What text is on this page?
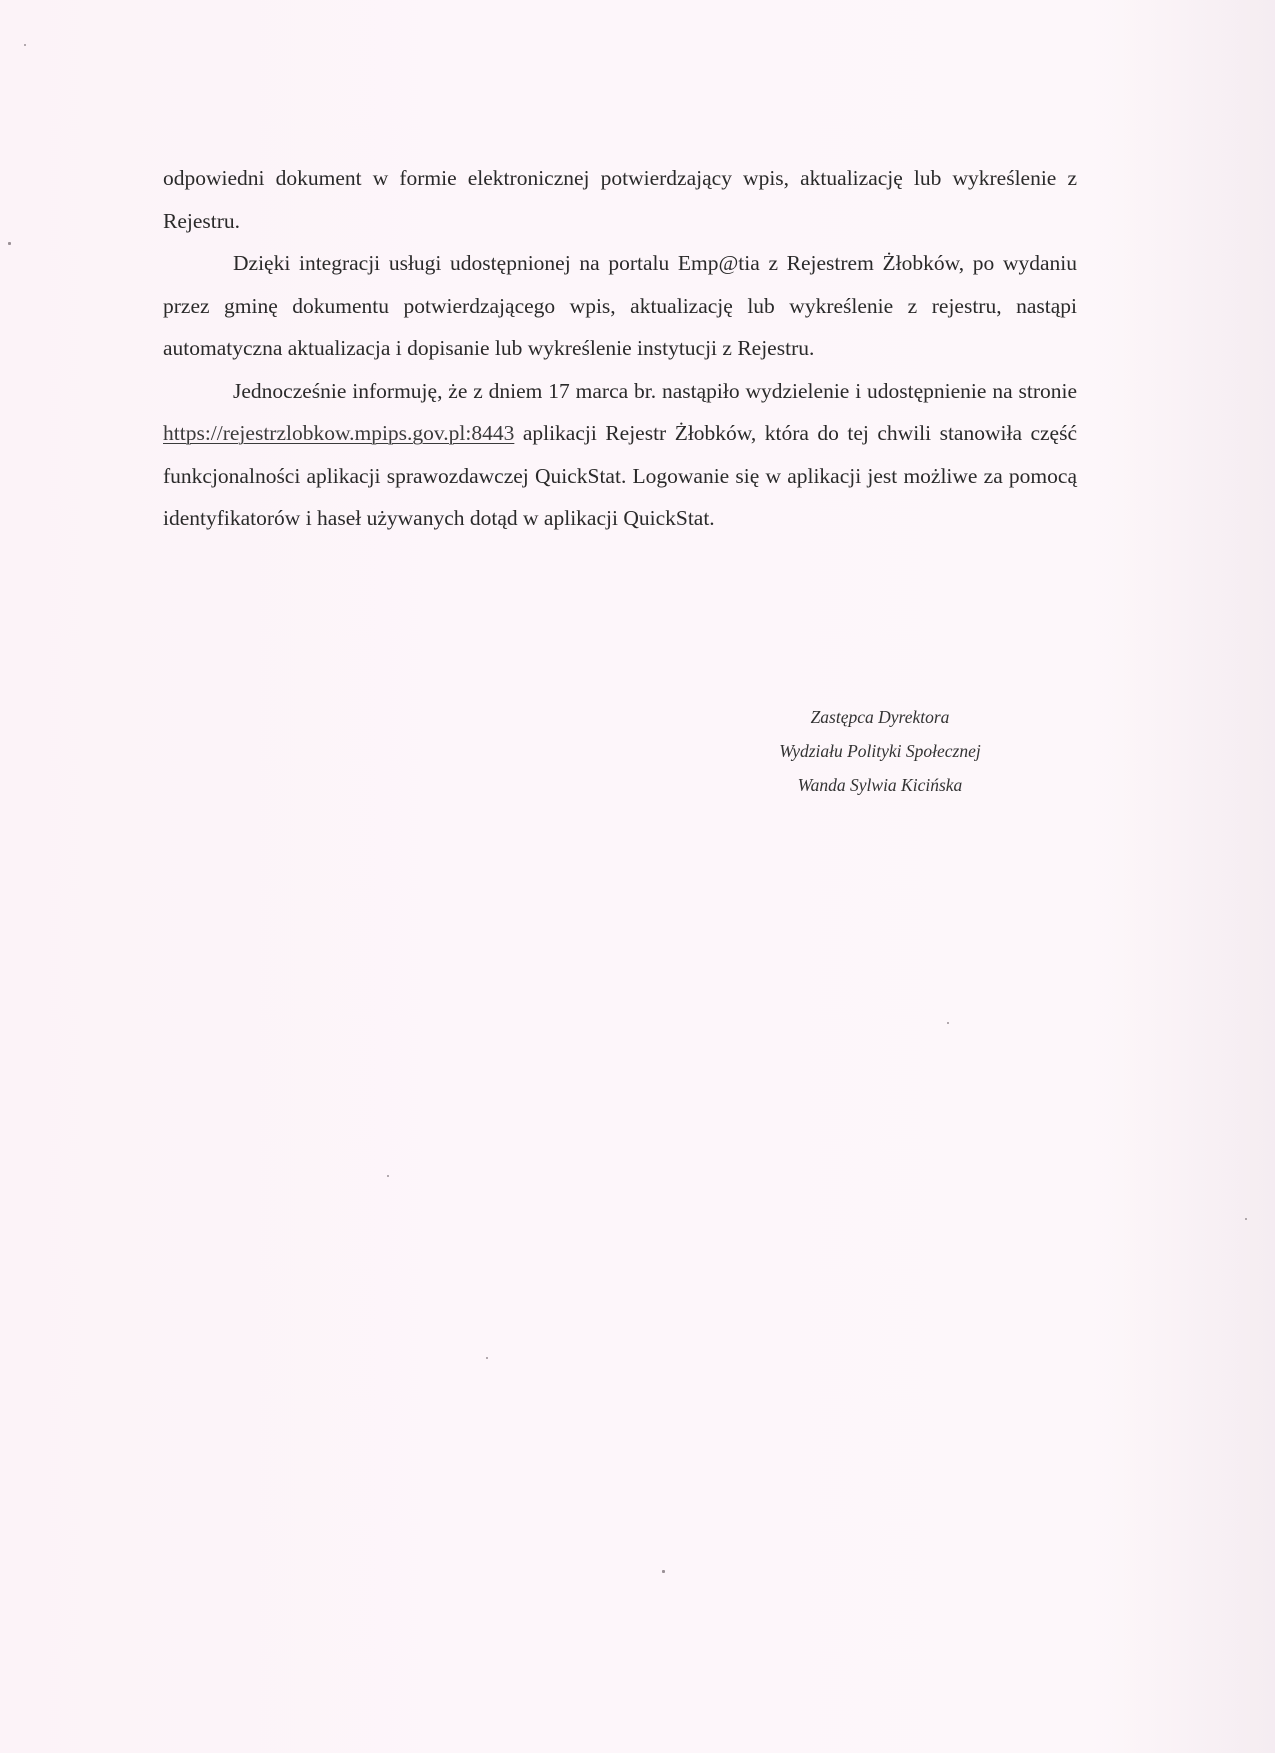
odpowiedni dokument w formie elektronicznej potwierdzający wpis, aktualizację lub wykreślenie z Rejestru.

Dzięki integracji usługi udostępnionej na portalu Emp@tia z Rejestrem Żłobków, po wydaniu przez gminę dokumentu potwierdzającego wpis, aktualizację lub wykreślenie z rejestru, nastąpi automatyczna aktualizacja i dopisanie lub wykreślenie instytucji z Rejestru.

Jednocześnie informuję, że z dniem 17 marca br. nastąpiło wydzielenie i udostępnienie na stronie https://rejestrzlobkow.mpips.gov.pl:8443 aplikacji Rejestr Żłobków, która do tej chwili stanowiła część funkcjonalności aplikacji sprawozdawczej QuickStat. Logowanie się w aplikacji jest możliwe za pomocą identyfikatorów i haseł używanych dotąd w aplikacji QuickStat.

Zastępca Dyrektora
Wydziału Polityki Społecznej
Wanda Sylwia Kicińska
